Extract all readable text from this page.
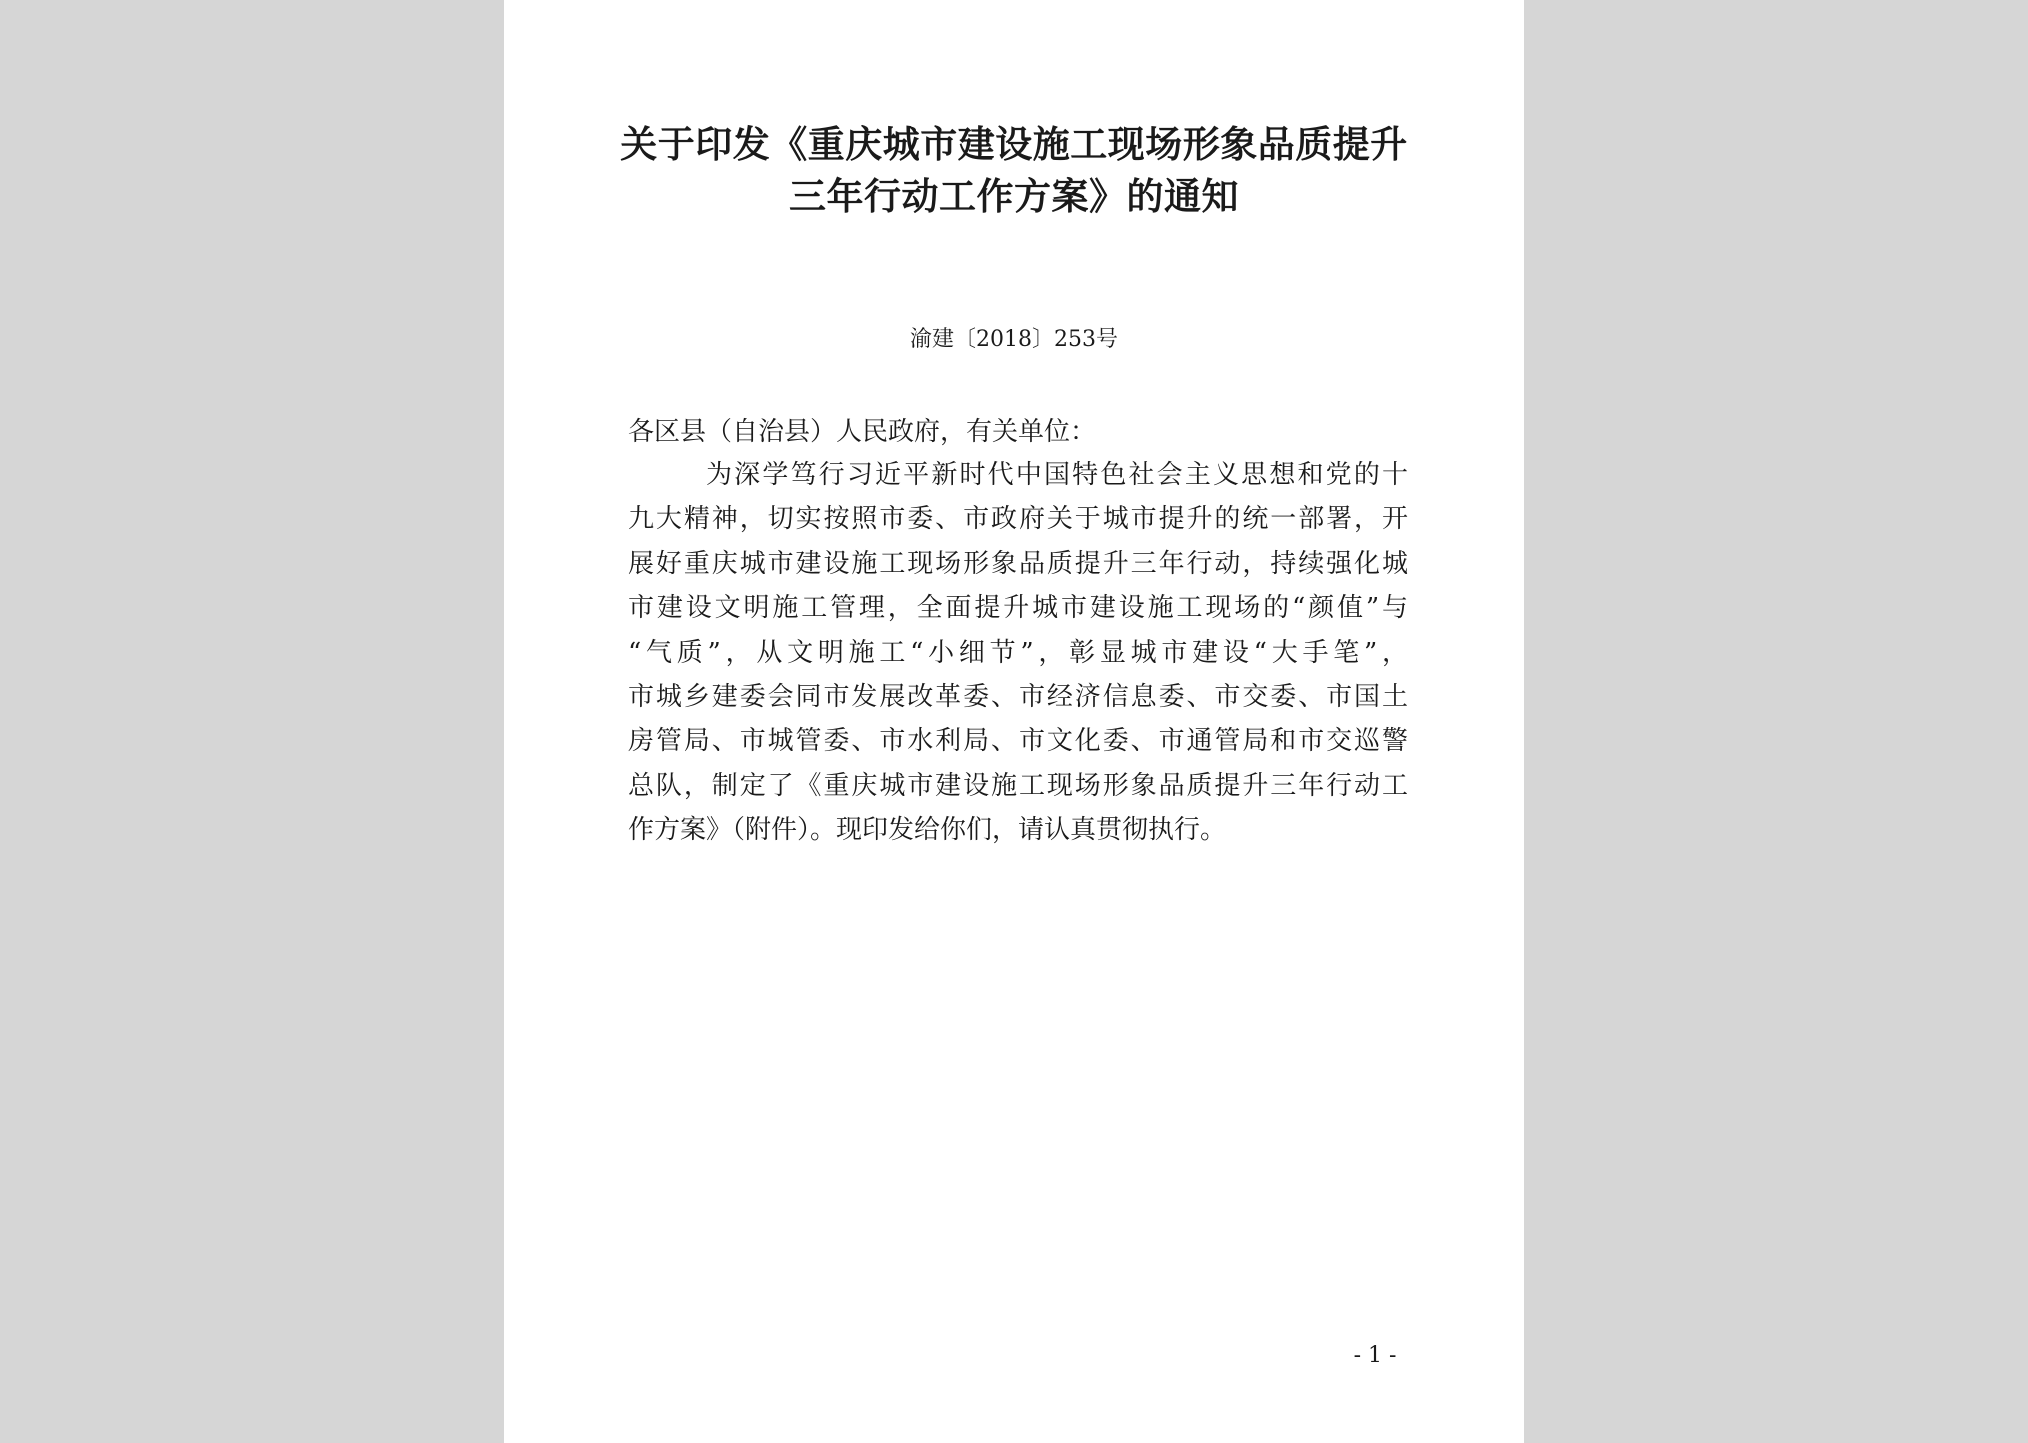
关于印发《重庆城市建设施工现场形象品质提升
三年行动工作方案》的通知
渝建〔2018〕253号
各区县（自治县）人民政府，有关单位：
为深学笃行习近平新时代中国特色社会主义思想和党的十
九大精神，切实按照市委、市政府关于城市提升的统一部署，开
展好重庆城市建设施工现场形象品质提升三年行动，持续强化城
市建设文明施工管理，全面提升城市建设施工现场的“颜值”与
“气质”，从文明施工“小细节”，彰显城市建设“大手笔”，
市城乡建委会同市发展改革委、市经济信息委、市交委、市国土
房管局、市城管委、市水利局、市文化委、市通管局和市交巡警
总队，制定了《重庆城市建设施工现场形象品质提升三年行动工
作方案》（附件）。现印发给你们，请认真贯彻执行。
- 1 -
